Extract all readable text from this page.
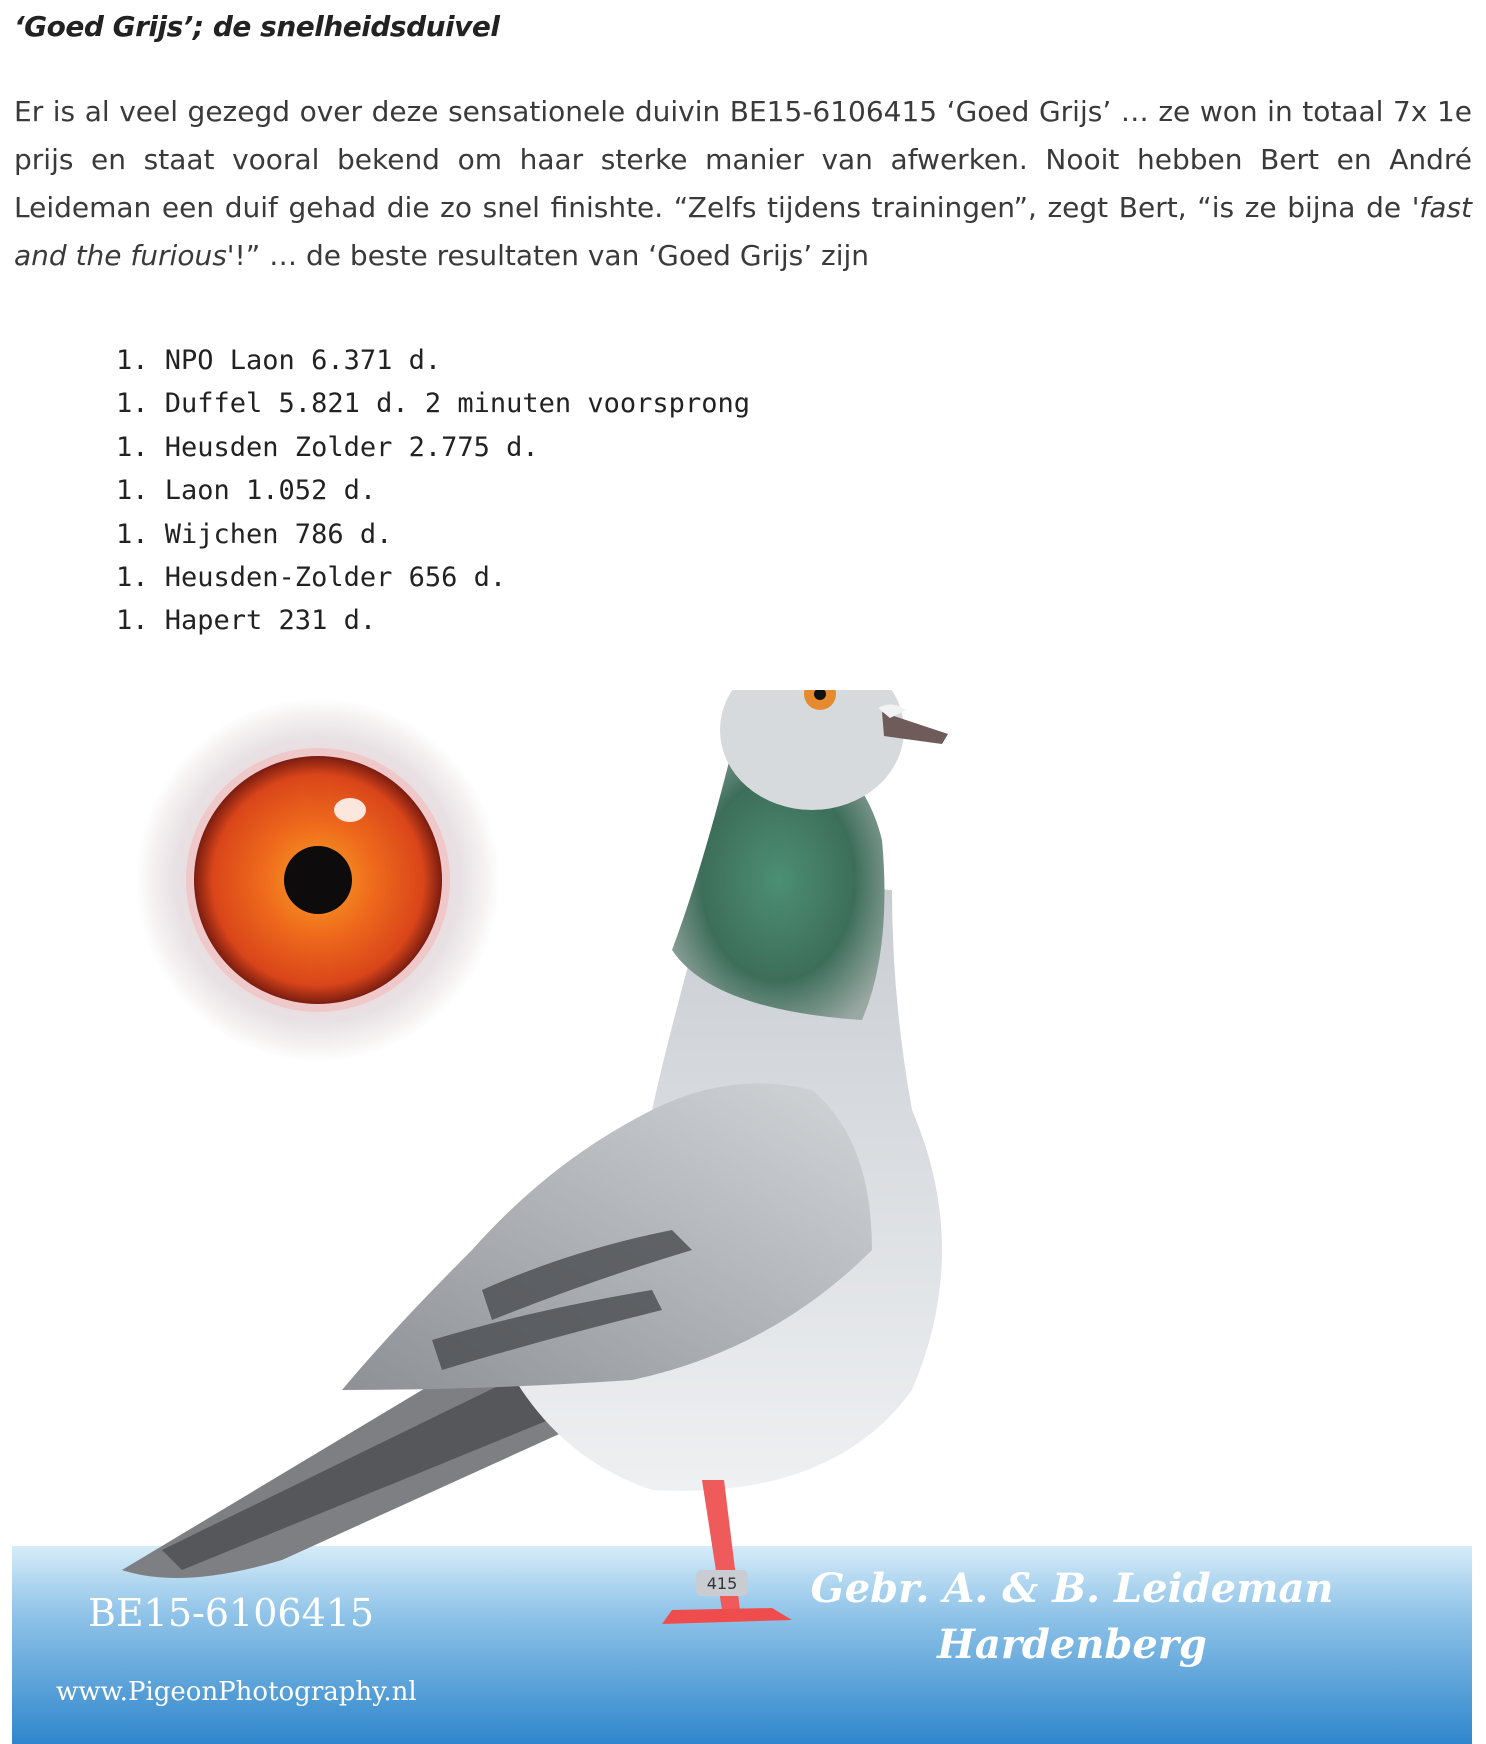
‘Goed Grijs’; de snelheidsduivel

Er is al veel gezegd over deze sensationele duivin BE15-6106415 ‘Goed Grijs’ … ze won in totaal 7x 1e prijs en staat vooral bekend om haar sterke manier van afwerken. Nooit hebben Bert en André Leideman een duif gehad die zo snel finishte. “Zelfs tijdens trainingen”, zegt Bert, “is ze bijna de 'fast and the furious'!” … de beste resultaten van ‘Goed Grijs’ zijn

1. NPO Laon 6.371 d.
1. Duffel 5.821 d. 2 minuten voorsprong
1. Heusden Zolder 2.775 d.
1. Laon 1.052 d.
1. Wijchen 786 d.
1. Heusden-Zolder 656 d.
1. Hapert 231 d.
415
BE15-6106415
www.PigeonPhotography.nl
Gebr. A. & B. Leideman
Hardenberg
